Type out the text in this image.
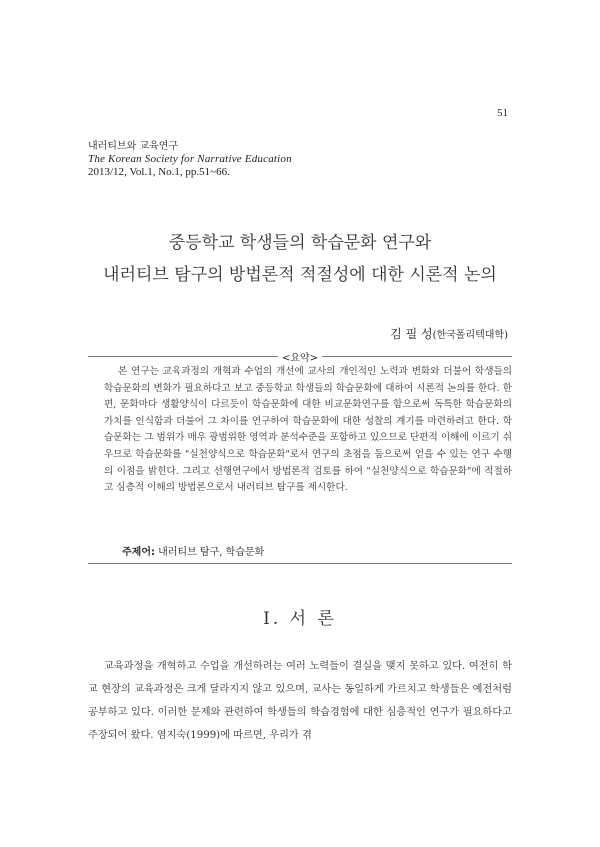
51
내러티브와 교육연구
The Korean Society for Narrative Education
2013/12, Vol.1, No.1, pp.51~66.
중등학교 학생들의 학습문화 연구와
내러티브 탐구의 방법론적 적절성에 대한 시론적 논의
김 필 성(한국폴리텍대학)
<요약>
본 연구는 교육과정의 개혁과 수업의 개선에 교사의 개인적인 노력과 변화와 더불어 학생들의 학습문화의 변화가 필요하다고 보고 중등학교 학생들의 학습문화에 대하여 시론적 논의를 한다. 한편, 문화마다 생활양식이 다르듯이 학습문화에 대한 비교문화연구를 함으로써 독특한 학습문화의 가치를 인식함과 더불어 그 차이를 연구하여 학습문화에 대한 성찰의 계기를 마련하려고 한다. 학습문화는 그 범위가 매우 광범위한 영역과 분석수준을 포함하고 있으므로 단편적 이해에 이르기 쉬우므로 학습문화를 "실천양식으로 학습문화"로서 연구의 초점을 둠으로써 얻을 수 있는 연구 수행의 이점을 밝힌다. 그리고 선행연구에서 방법론적 검토를 하여 "실천양식으로 학습문화"에 적절하고 심층적 이해의 방법론으로서 내러티브 탐구를 제시한다.
주제어: 내러티브 탐구, 학습문화
Ⅰ. 서 론
교육과정을 개혁하고 수업을 개선하려는 여러 노력들이 결실을 맺지 못하고 있다. 여전히 학교 현장의 교육과정은 크게 달라지지 않고 있으며, 교사는 동일하게 가르치고 학생들은 예전처럼 공부하고 있다. 이러한 문제와 관련하여 학생들의 학습경험에 대한 심층적인 연구가 필요하다고 주장되어 왔다. 염지숙(1999)에 따르면, 우리가 겪
